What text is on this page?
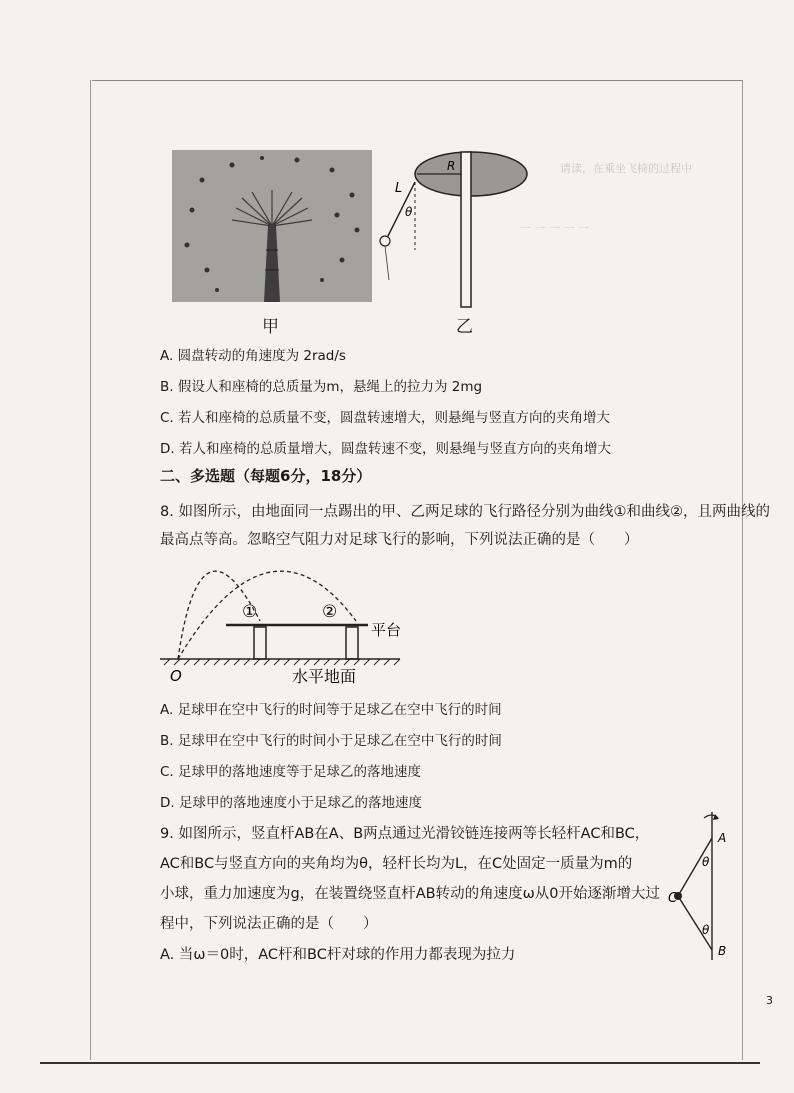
请读，在乘坐飞椅的过程中
一 一 一 一 一

甲
R
L
θ
乙
A. 圆盘转动的角速度为 2rad/s
B. 假设人和座椅的总质量为m，悬绳上的拉力为 2mg
C. 若人和座椅的总质量不变，圆盘转速增大，则悬绳与竖直方向的夹角增大
D. 若人和座椅的总质量增大，圆盘转速不变，则悬绳与竖直方向的夹角增大
二、多选题（每题6分，18分）
8. 如图所示，由地面同一点踢出的甲、乙两足球的飞行路径分别为曲线①和曲线②，且两曲线的
最高点等高。忽略空气阻力对足球飞行的影响，下列说法正确的是（　　）
①	②
平台
O	水平地面
A. 足球甲在空中飞行的时间等于足球乙在空中飞行的时间
B. 足球甲在空中飞行的时间小于足球乙在空中飞行的时间
C. 足球甲的落地速度等于足球乙的落地速度
D. 足球甲的落地速度小于足球乙的落地速度
9. 如图所示，竖直杆AB在A、B两点通过光滑铰链连接两等长轻杆AC和BC，
AC和BC与竖直方向的夹角均为θ，轻杆长均为L，在C处固定一质量为m的
小球，重力加速度为g，在装置绕竖直杆AB转动的角速度ω从0开始逐渐增大过
程中，下列说法正确的是（　　）
A
B
C
θ
θ
A. 当ω＝0时，AC杆和BC杆对球的作用力都表现为拉力
3
